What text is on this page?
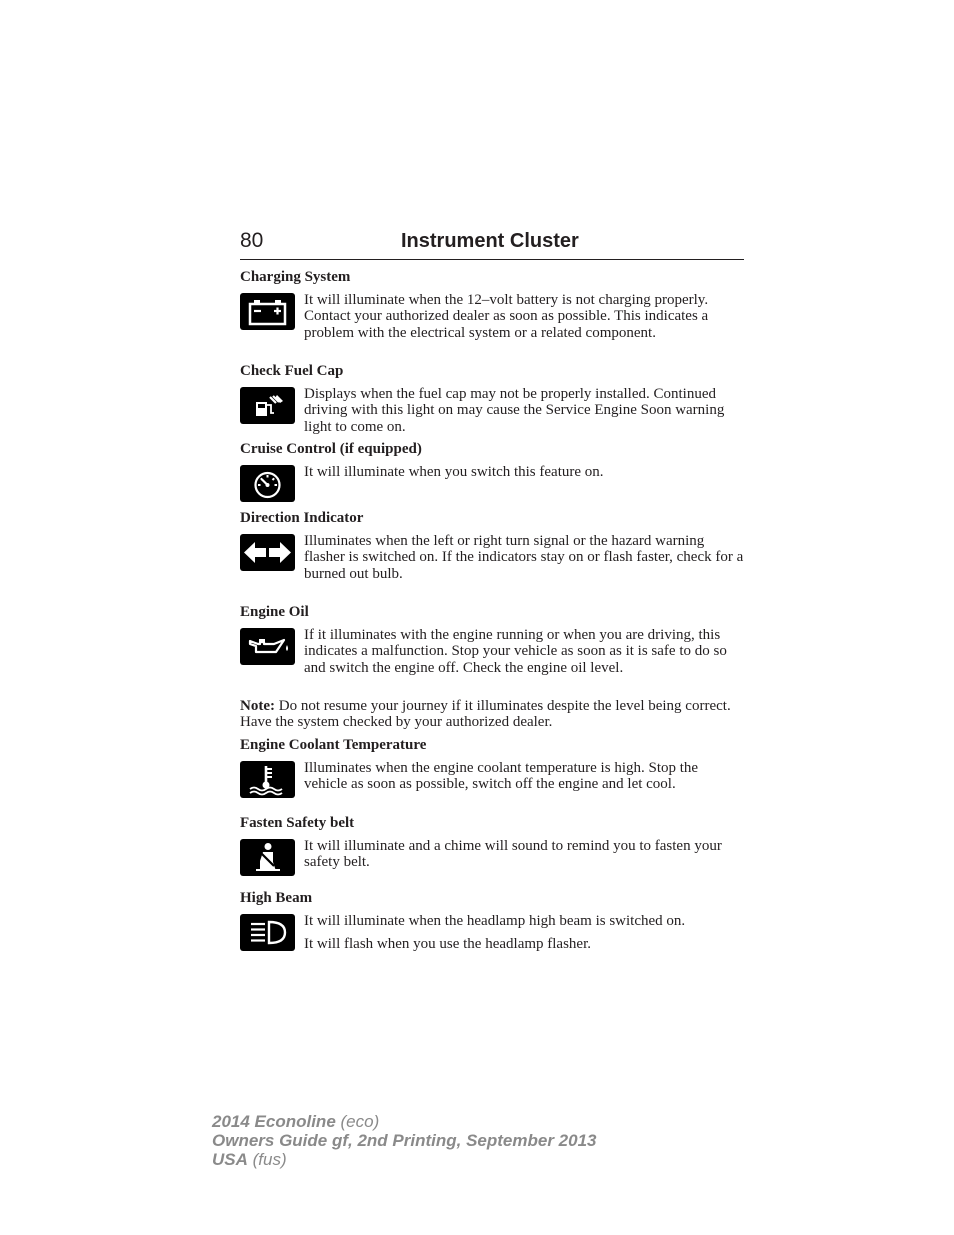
80	Instrument Cluster
Charging System

It will illuminate when the 12–volt battery is not charging properly. Contact your authorized dealer as soon as possible. This indicates a problem with the electrical system or a related component.

Check Fuel Cap

Displays when the fuel cap may not be properly installed. Continued driving with this light on may cause the Service Engine Soon warning light to come on.

Cruise Control (if equipped)

It will illuminate when you switch this feature on.

Direction Indicator

Illuminates when the left or right turn signal or the hazard warning flasher is switched on. If the indicators stay on or flash faster, check for a burned out bulb.

Engine Oil

If it illuminates with the engine running or when you are driving, this indicates a malfunction. Stop your vehicle as soon as it is safe to do so and switch the engine off. Check the engine oil level.

Note: Do not resume your journey if it illuminates despite the level being correct. Have the system checked by your authorized dealer.

Engine Coolant Temperature

Illuminates when the engine coolant temperature is high. Stop the vehicle as soon as possible, switch off the engine and let cool.

Fasten Safety belt

It will illuminate and a chime will sound to remind you to fasten your safety belt.

High Beam

It will illuminate when the headlamp high beam is switched on.

It will flash when you use the headlamp flasher.

2014 Econoline (eco)
Owners Guide gf, 2nd Printing, September 2013
USA (fus)
